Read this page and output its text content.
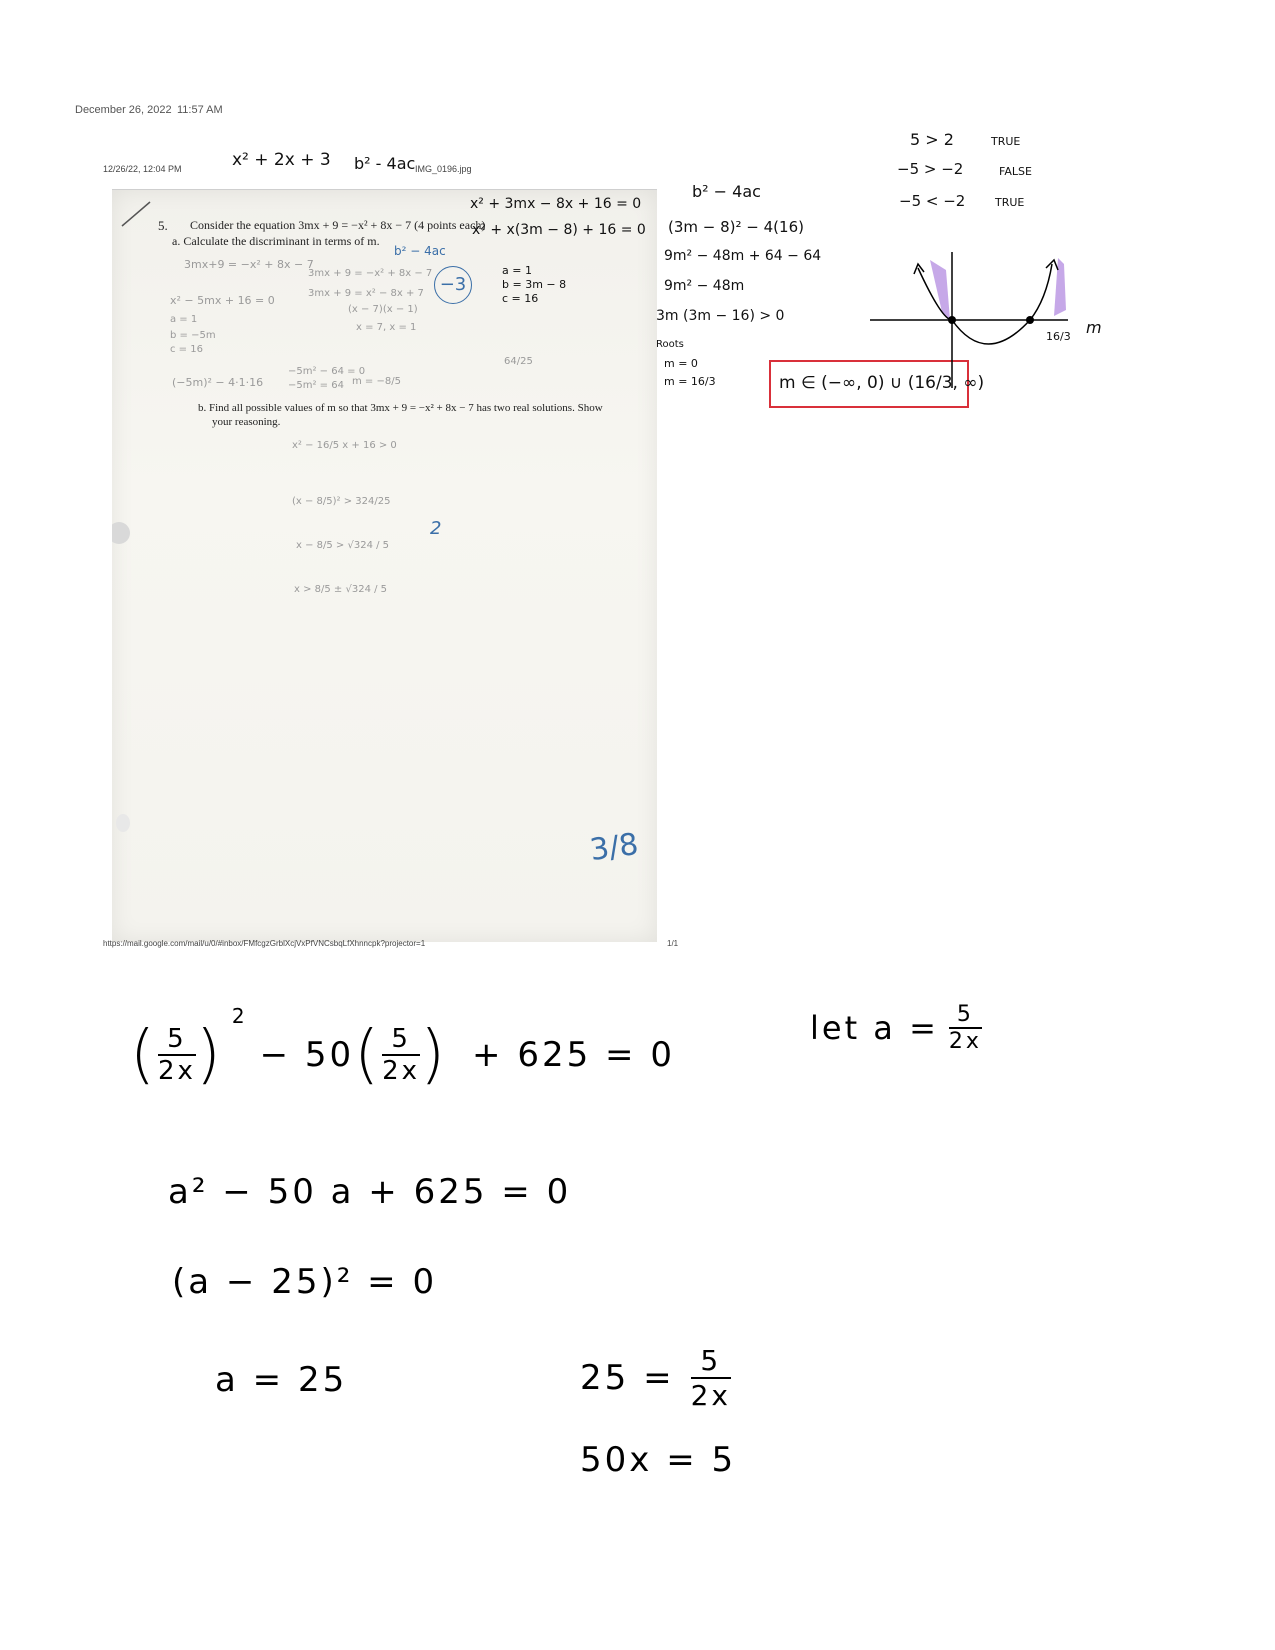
December 26, 2022 11:57 AM
12/26/22, 12:04 PM	x² + 2x + 3 b² - 4ac IMG_0196.jpg
5. Consider the equation 3mx + 9 = −x² + 8x − 7 (4 points each)
a. Calculate the discriminant in terms of m.
3mx+9 = −x² + 8x − 7
x² − 5mx + 16 = 0
a = 1
b = −5m
c = 16
3mx + 9 = −x² + 8x − 7
3mx + 9 = x² − 8x + 7
(x − 7)(x − 1)
x = 7, x = 1
b² − 4ac
−3
(−5m)² − 4·1·16
−5m² − 64 = 0
−5m² = 64 m = −8/5
64/25
x² + 3mx − 8x + 16 = 0
x² + x(3m − 8) + 16 = 0
a = 1
b = 3m − 8
c = 16
b. Find all possible values of m so that 3mx + 9 = −x² + 8x − 7 has two real solutions. Show
your reasoning.
x² − 16/5 x + 16 > 0
(x − 8/5)² > 324/25
x − 8/5 > √324 / 5
x > 8/5 ± √324 / 5
2
3/8
https://mail.google.com/mail/u/0/#inbox/FMfcgzGrblXcjVxPfVNCsbqLfXhnncpk?projector=1	1/1
b² − 4ac
(3m − 8)² − 4(16)
9m² − 48m + 64 − 64
9m² − 48m
3m (3m − 16) > 0
Roots
m = 0
m = 16/3	m ∈ (−∞, 0) ∪ (16/3, ∞)
5 > 2	TRUE
−5 > −2	FALSE
−5 < −2	TRUE
16/3 m
( $\frac{5}{2x}$ )
2
− 50 ( $\frac{5}{2x}$ ) + 625 = 0
let $a = \frac{5}{2x}$
a² − 50 a + 625 = 0
(a − 25)² = 0
a = 25	$25 = \frac{5}{2x}$
50x = 5
